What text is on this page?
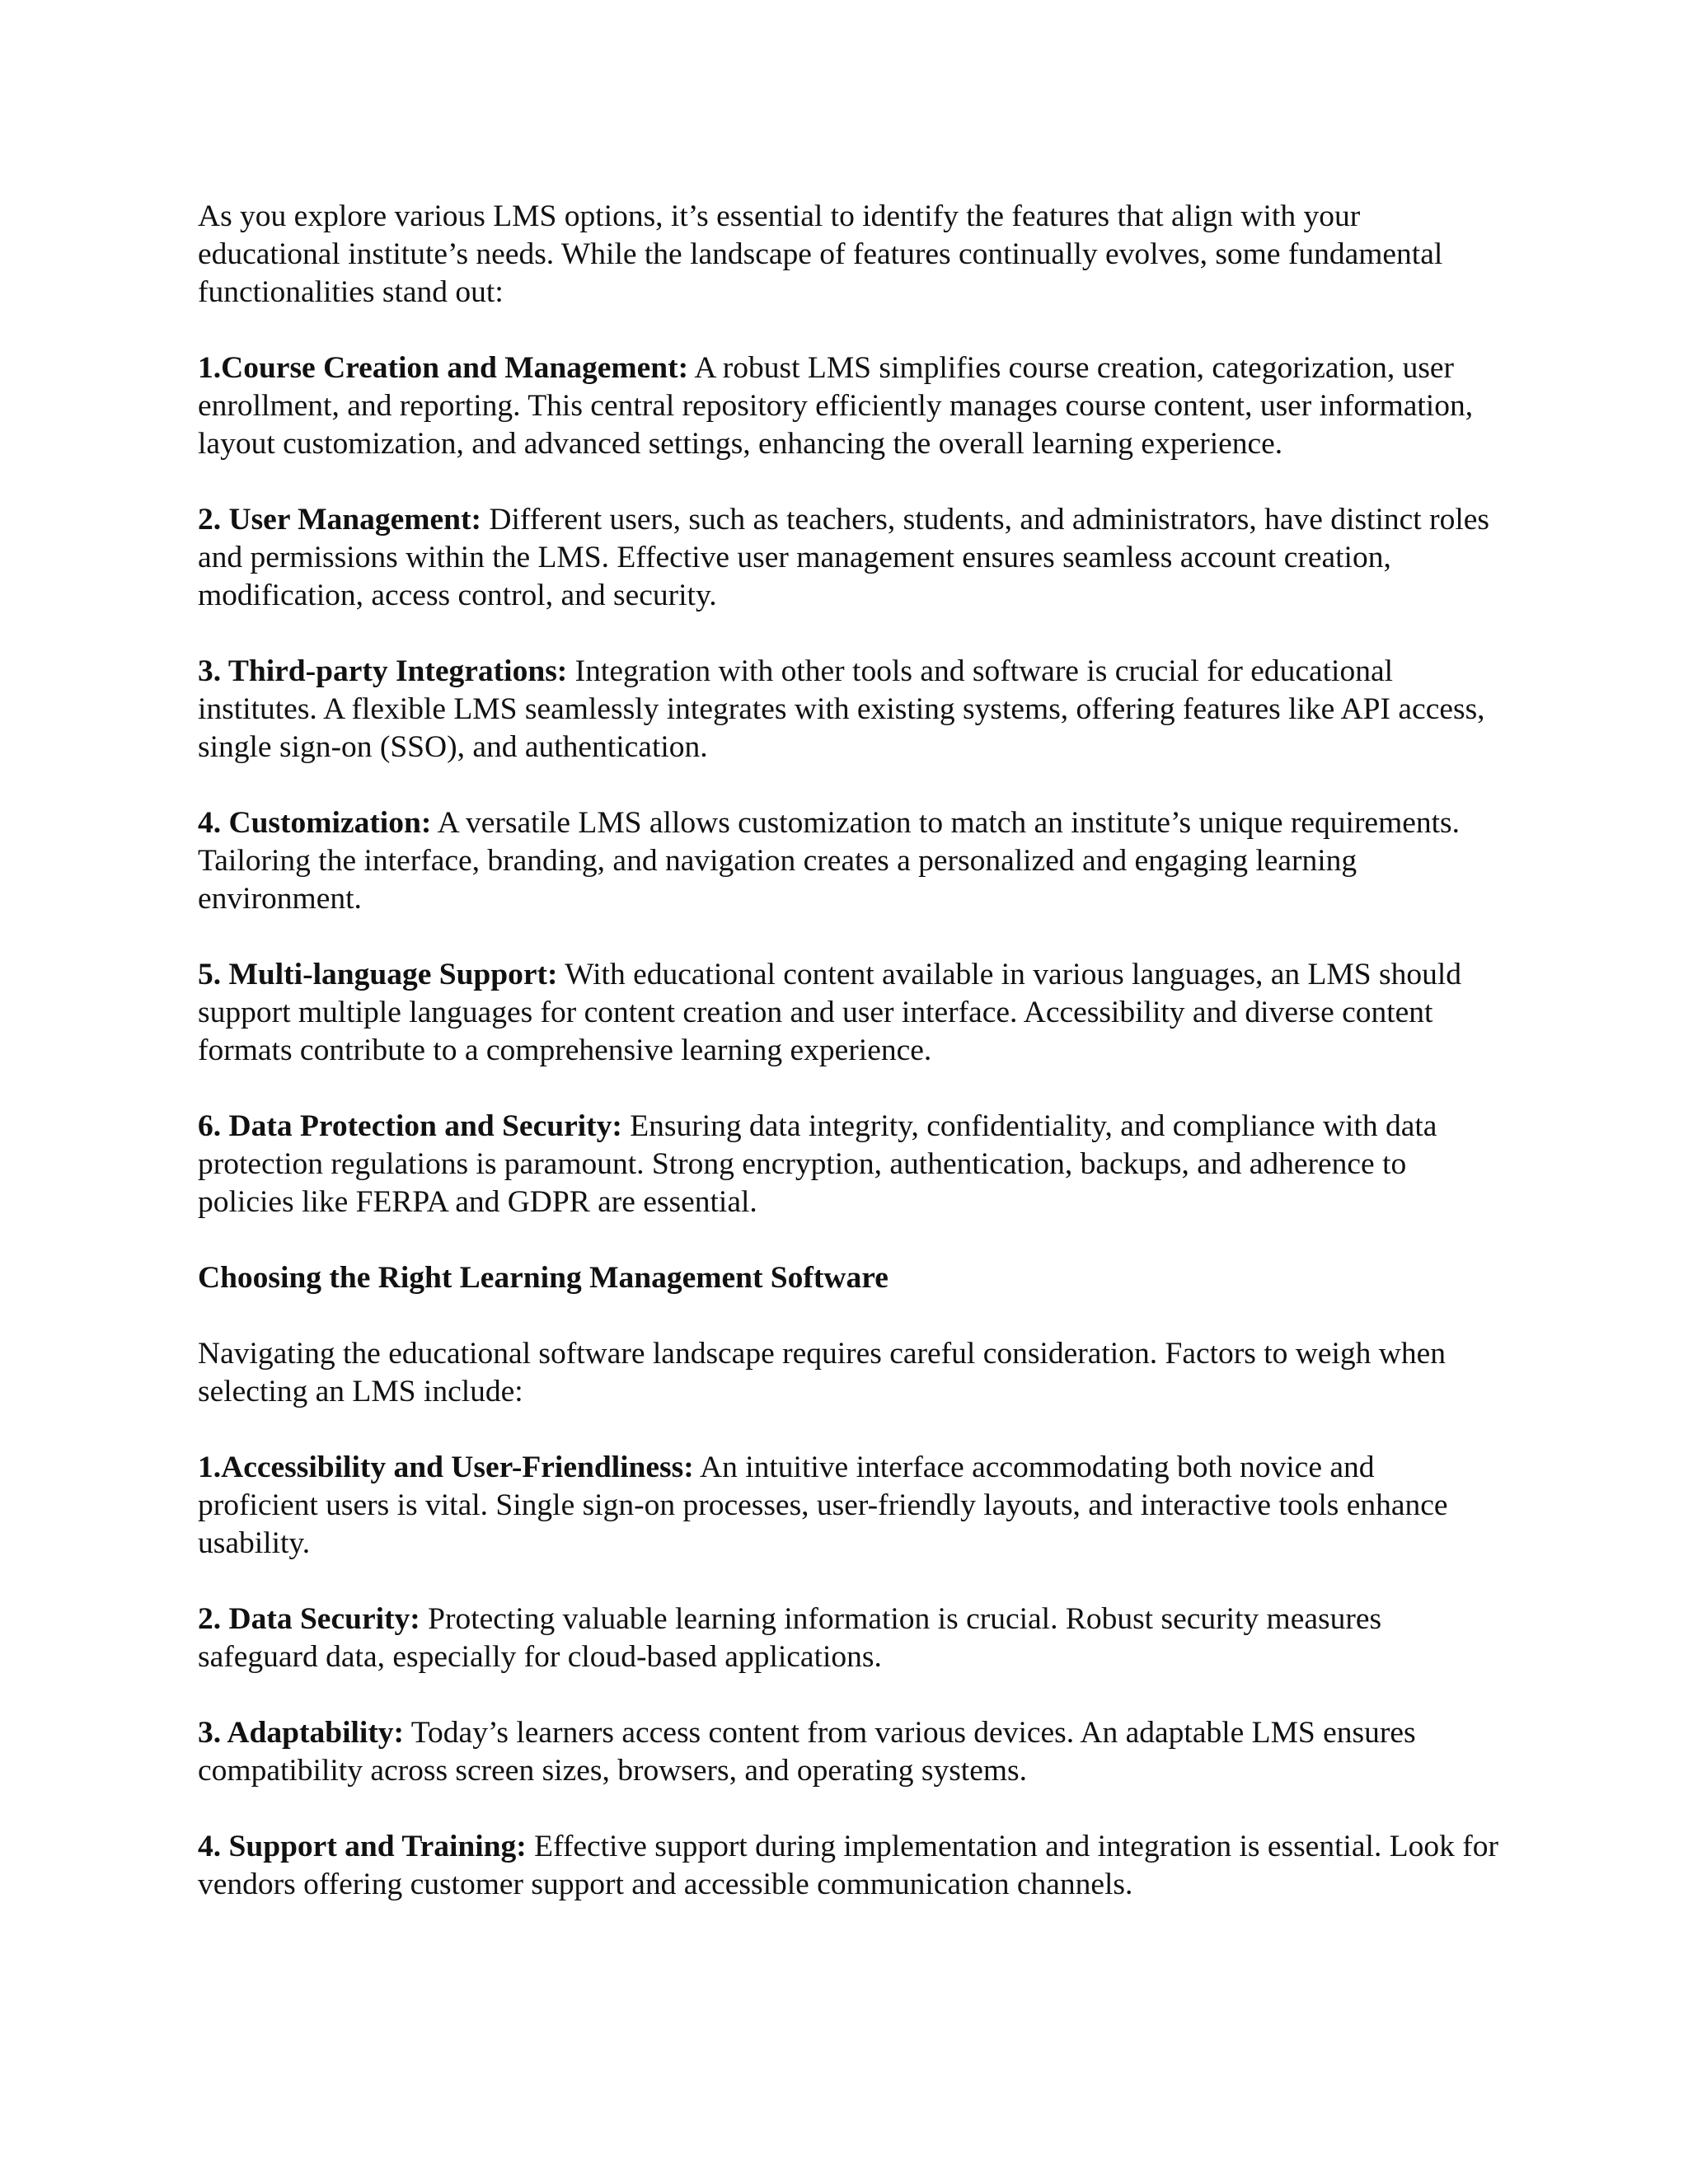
As you explore various LMS options, it’s essential to identify the features that align with your educational institute’s needs. While the landscape of features continually evolves, some fundamental functionalities stand out:

1.Course Creation and Management: A robust LMS simplifies course creation, categorization, user enrollment, and reporting. This central repository efficiently manages course content, user information, layout customization, and advanced settings, enhancing the overall learning experience.

2. User Management: Different users, such as teachers, students, and administrators, have distinct roles and permissions within the LMS. Effective user management ensures seamless account creation, modification, access control, and security.

3. Third-party Integrations: Integration with other tools and software is crucial for educational institutes. A flexible LMS seamlessly integrates with existing systems, offering features like API access, single sign-on (SSO), and authentication.

4. Customization: A versatile LMS allows customization to match an institute’s unique requirements. Tailoring the interface, branding, and navigation creates a personalized and engaging learning environment.

5. Multi-language Support: With educational content available in various languages, an LMS should support multiple languages for content creation and user interface. Accessibility and diverse content formats contribute to a comprehensive learning experience.

6. Data Protection and Security: Ensuring data integrity, confidentiality, and compliance with data protection regulations is paramount. Strong encryption, authentication, backups, and adherence to policies like FERPA and GDPR are essential.

Choosing the Right Learning Management Software

Navigating the educational software landscape requires careful consideration. Factors to weigh when selecting an LMS include:

1.Accessibility and User-Friendliness: An intuitive interface accommodating both novice and proficient users is vital. Single sign-on processes, user-friendly layouts, and interactive tools enhance usability.

2. Data Security: Protecting valuable learning information is crucial. Robust security measures safeguard data, especially for cloud-based applications.

3. Adaptability: Today’s learners access content from various devices. An adaptable LMS ensures compatibility across screen sizes, browsers, and operating systems.

4. Support and Training: Effective support during implementation and integration is essential. Look for vendors offering customer support and accessible communication channels.
